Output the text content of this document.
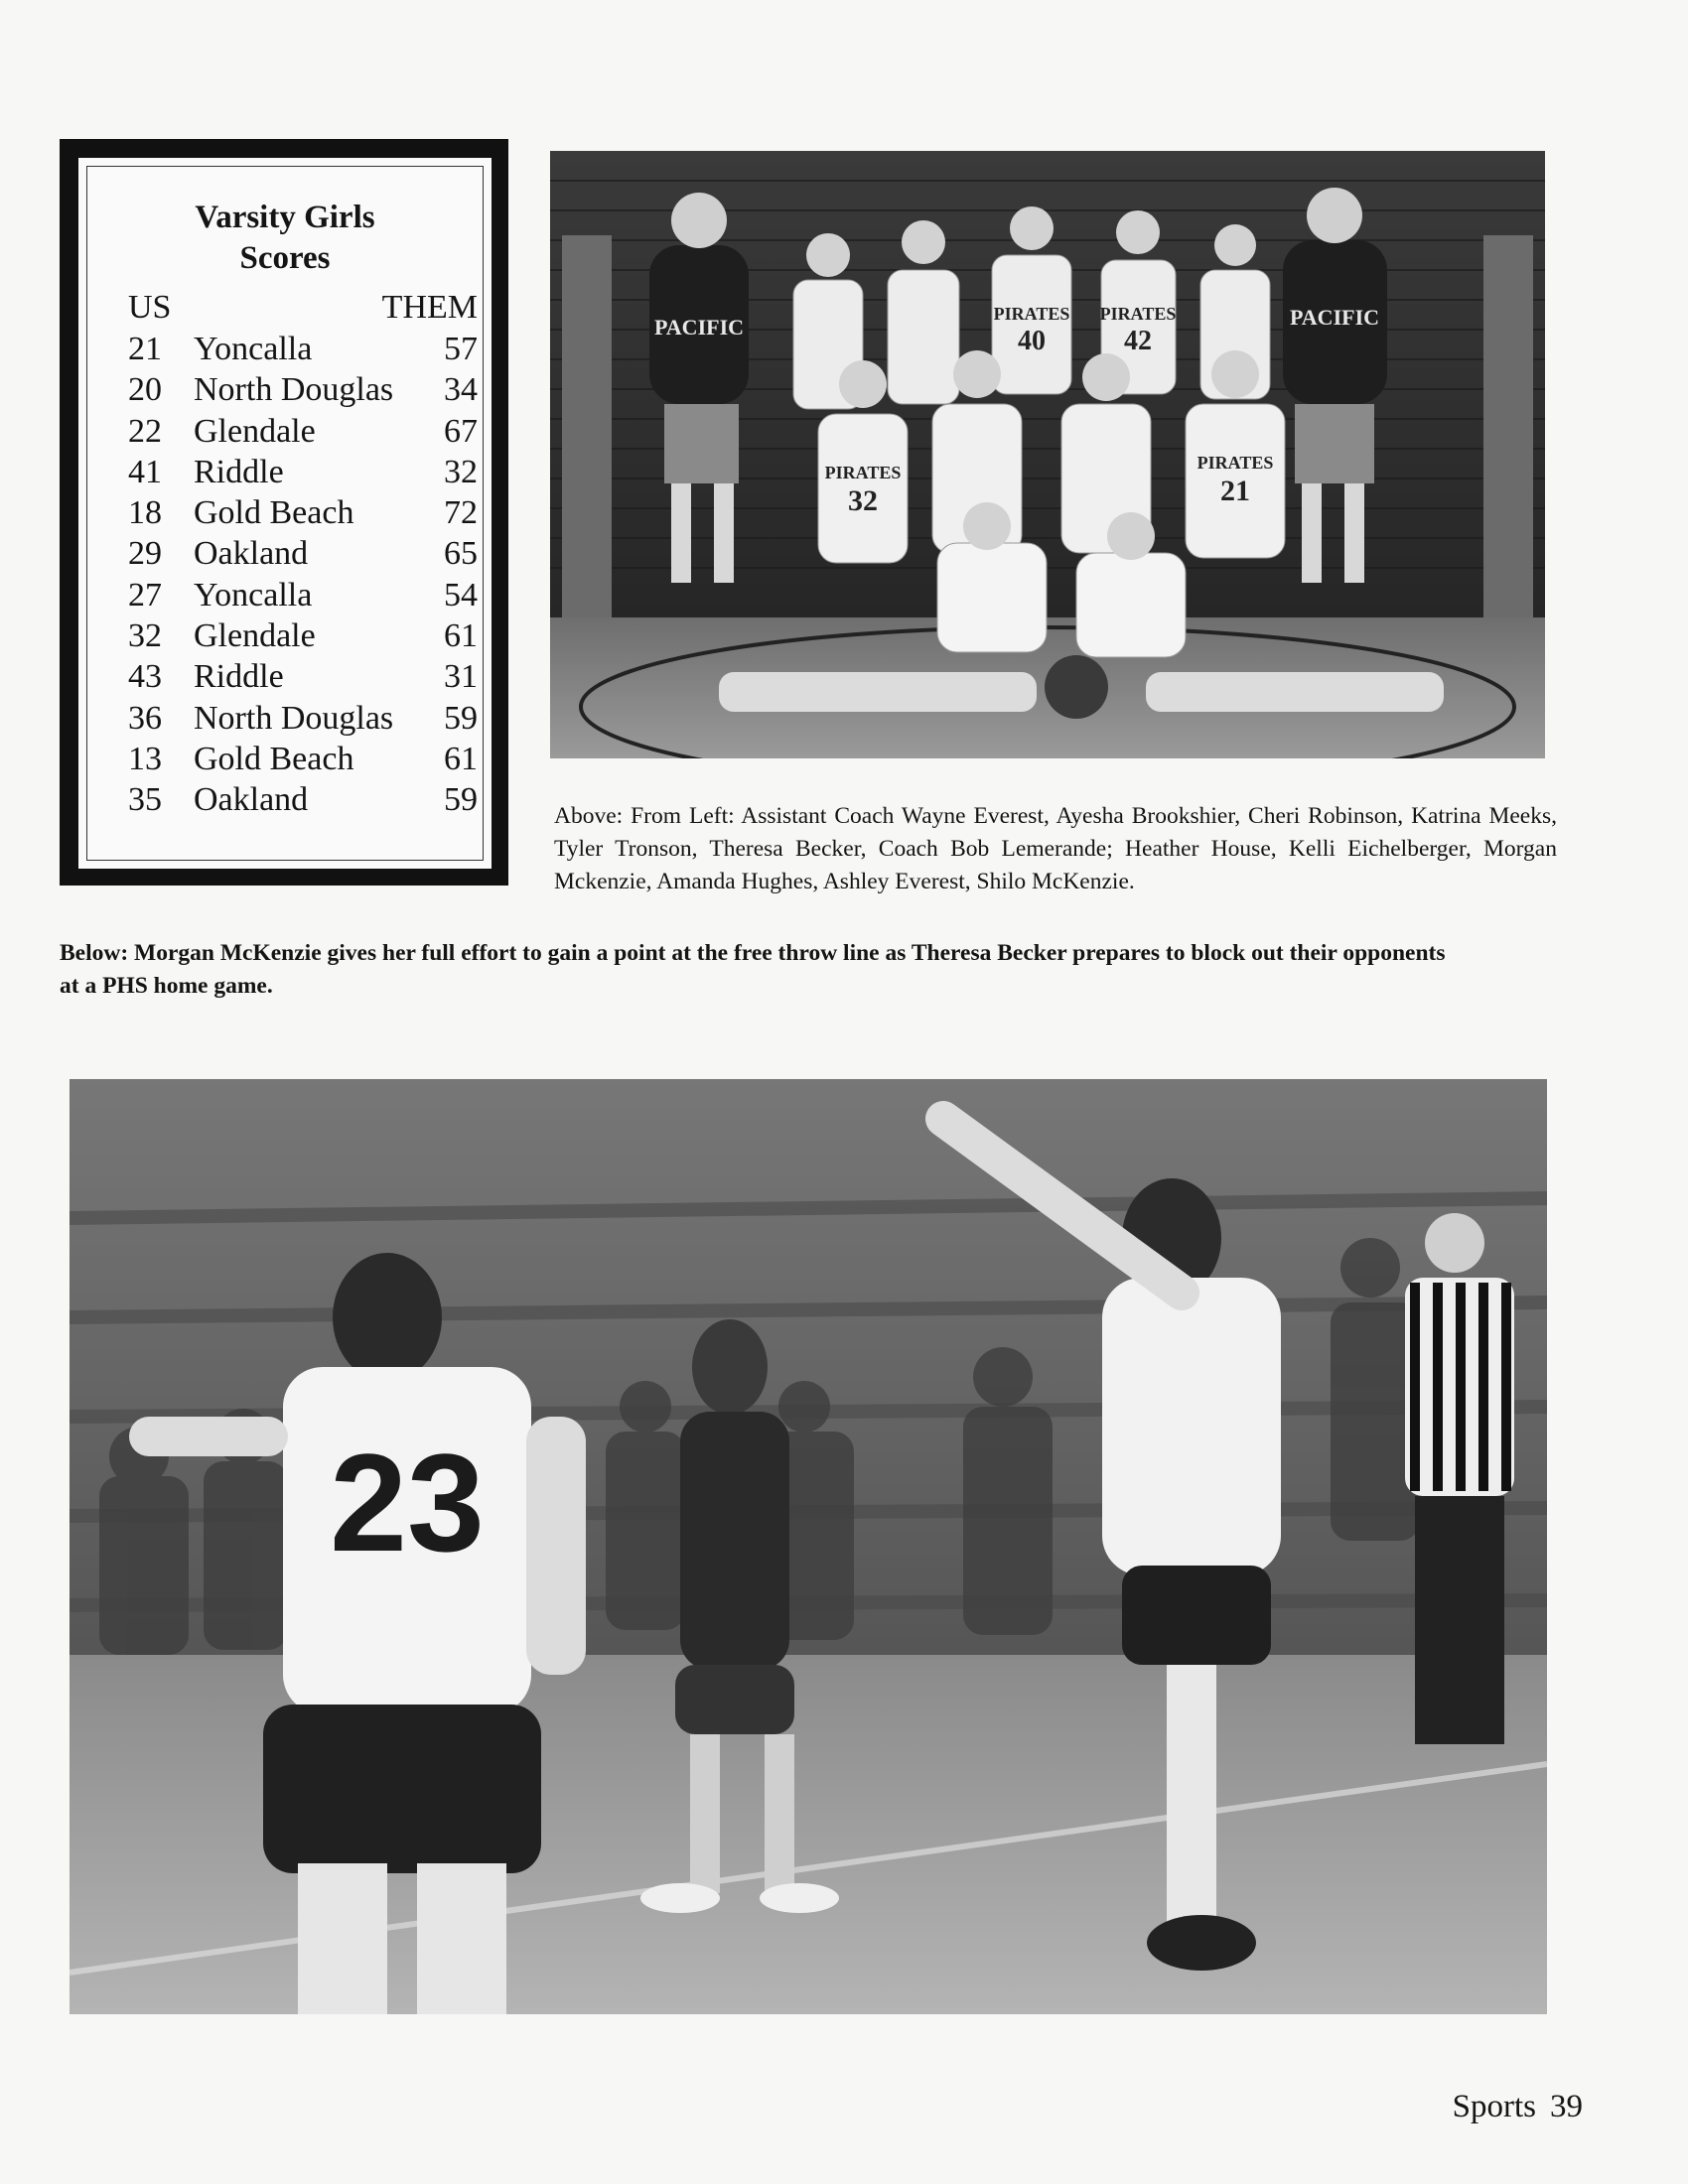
Varsity Girls
Scores
US	THEM
21 Yoncalla	57
20 North Douglas 34
22 Glendale	67
41 Riddle	32
18 Gold Beach	72
29 Oakland	65
27 Yoncalla	54
32 Glendale	61
43 Riddle	31
36 North Douglas 59
13 Gold Beach	61
35 Oakland	59
PACIFIC	PACIFIC
PIRATES
40
PIRATES
42
PIRATES
32
PIRATES
21
Above: From Left: Assistant Coach Wayne Everest, Ayesha Brookshier, Cheri Robinson, Katrina Meeks, Tyler Tronson, Theresa Becker, Coach Bob Lemerande; Heather House, Kelli Eichelberger, Morgan Mckenzie, Amanda Hughes, Ashley Everest, Shilo McKenzie.
Below: Morgan McKenzie gives her full effort to gain a point at the free throw line as Theresa Becker prepares to block out their opponents at a PHS home game.
23
Sports 39
